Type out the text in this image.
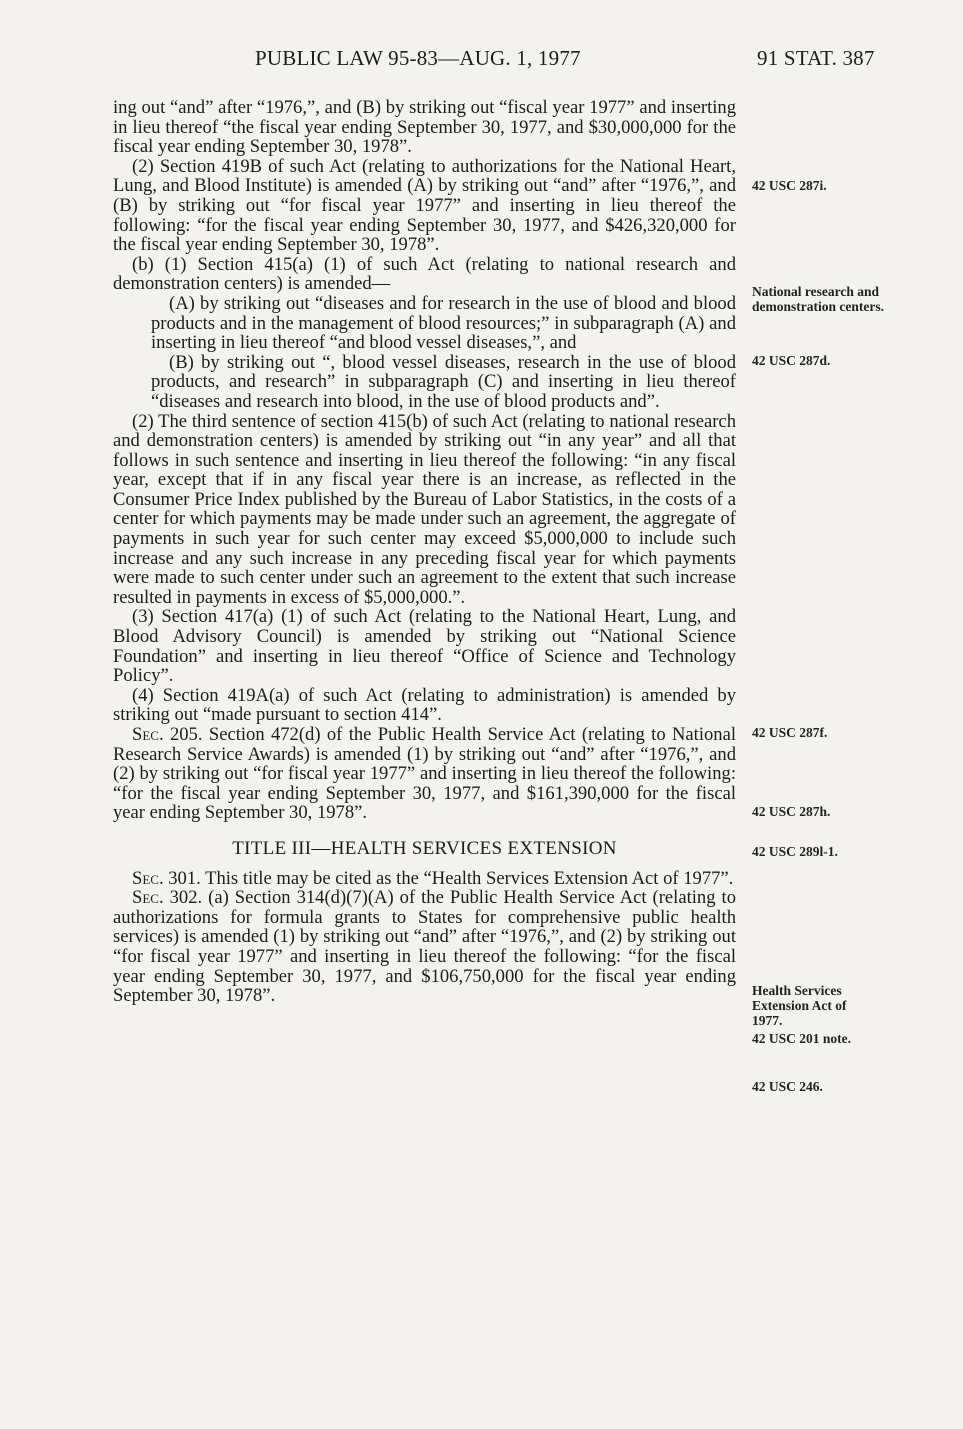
PUBLIC LAW 95-83—AUG. 1, 1977	91 STAT. 387

ing out “and” after “1976,”, and (B) by striking out “fiscal year 1977” and inserting in lieu thereof “the fiscal year ending September 30, 1977, and $30,000,000 for the fiscal year ending September 30, 1978”.

(2) Section 419B of such Act (relating to authorizations for the National Heart, Lung, and Blood Institute) is amended (A) by striking out “and” after “1976,”, and (B) by striking out “for fiscal year 1977” and inserting in lieu thereof the following: “for the fiscal year ending September 30, 1977, and $426,320,000 for the fiscal year ending September 30, 1978”.

(b) (1) Section 415(a) (1) of such Act (relating to national research and demonstration centers) is amended—

(A) by striking out “diseases and for research in the use of blood and blood products and in the management of blood resources;” in subparagraph (A) and inserting in lieu thereof “and blood vessel diseases,”, and

(B) by striking out “, blood vessel diseases, research in the use of blood products, and research” in subparagraph (C) and inserting in lieu thereof “diseases and research into blood, in the use of blood products and”.

(2) The third sentence of section 415(b) of such Act (relating to national research and demonstration centers) is amended by striking out “in any year” and all that follows in such sentence and inserting in lieu thereof the following: “in any fiscal year, except that if in any fiscal year there is an increase, as reflected in the Consumer Price Index published by the Bureau of Labor Statistics, in the costs of a center for which payments may be made under such an agreement, the aggregate of payments in such year for such center may exceed $5,000,000 to include such increase and any such increase in any preceding fiscal year for which payments were made to such center under such an agreement to the extent that such increase resulted in payments in excess of $5,000,000.”.

(3) Section 417(a) (1) of such Act (relating to the National Heart, Lung, and Blood Advisory Council) is amended by striking out “National Science Foundation” and inserting in lieu thereof “Office of Science and Technology Policy”.

(4) Section 419A(a) of such Act (relating to administration) is amended by striking out “made pursuant to section 414”.

Sec. 205. Section 472(d) of the Public Health Service Act (relating to National Research Service Awards) is amended (1) by striking out “and” after “1976,”, and (2) by striking out “for fiscal year 1977” and inserting in lieu thereof the following: “for the fiscal year ending September 30, 1977, and $161,390,000 for the fiscal year ending September 30, 1978”.

TITLE III—HEALTH SERVICES EXTENSION

Sec. 301. This title may be cited as the “Health Services Extension Act of 1977”.

Sec. 302. (a) Section 314(d)(7)(A) of the Public Health Service Act (relating to authorizations for formula grants to States for comprehensive public health services) is amended (1) by striking out “and” after “1976,”, and (2) by striking out “for fiscal year 1977” and inserting in lieu thereof the following: “for the fiscal year ending September 30, 1977, and $106,750,000 for the fiscal year ending September 30, 1978”.

42 USC 287i.
National research and demonstration centers.
42 USC 287d.
42 USC 287f.
42 USC 287h.
42 USC 289l-1.
Health Services Extension Act of 1977.
42 USC 201 note.
42 USC 246.
